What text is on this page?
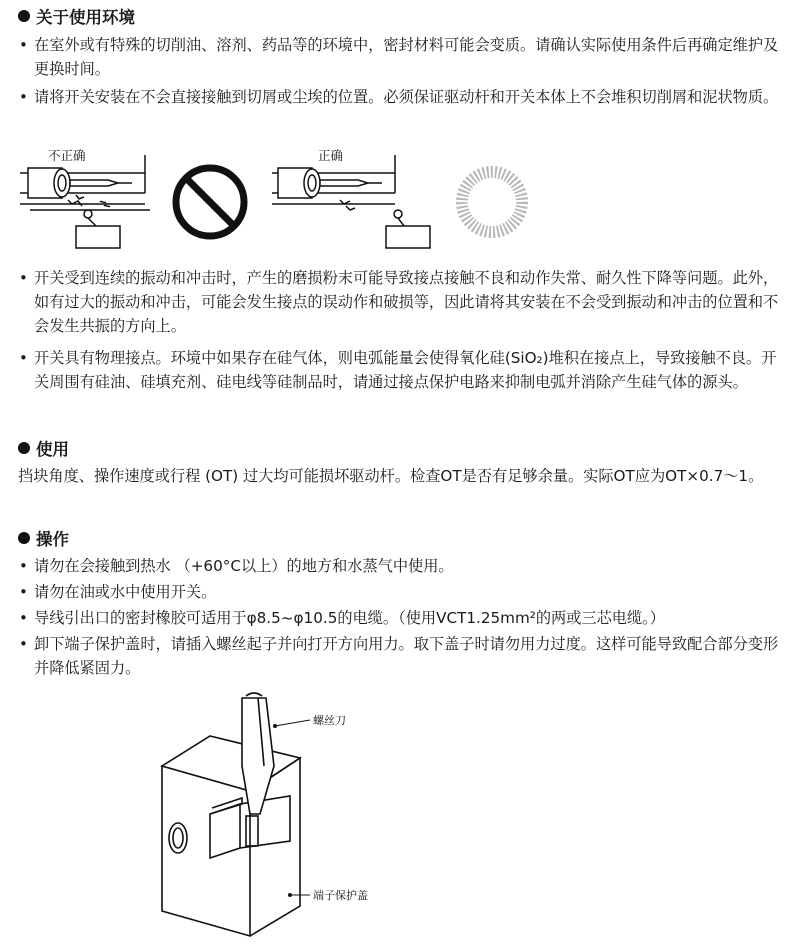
关于使用环境
• 在室外或有特殊的切削油、溶剂、药品等的环境中，密封材料可能会变质。请确认实际使用条件后再确定维护及更换时间。
• 请将开关安装在不会直接接触到切屑或尘埃的位置。必须保证驱动杆和开关本体上不会堆积切削屑和泥状物质。
不正确	正确
• 开关受到连续的振动和冲击时，产生的磨损粉末可能导致接点接触不良和动作失常、耐久性下降等问题。此外，如有过大的振动和冲击，可能会发生接点的误动作和破损等，因此请将其安装在不会受到振动和冲击的位置和不会发生共振的方向上。
• 开关具有物理接点。环境中如果存在硅气体，则电弧能量会使得氧化硅(SiO₂)堆积在接点上，导致接触不良。开关周围有硅油、硅填充剂、硅电线等硅制品时，请通过接点保护电路来抑制电弧并消除产生硅气体的源头。
使用
挡块角度、操作速度或行程 (OT) 过大均可能损坏驱动杆。检查OT是否有足够余量。实际OT应为OT×0.7～1。
操作
• 请勿在会接触到热水 （+60°C以上）的地方和水蒸气中使用。
• 请勿在油或水中使用开关。
• 导线引出口的密封橡胶可适用于φ8.5~φ10.5的电缆。（使用VCT1.25mm²的两或三芯电缆。）
• 卸下端子保护盖时，请插入螺丝起子并向打开方向用力。取下盖子时请勿用力过度。这样可能导致配合部分变形并降低紧固力。
螺丝刀
端子保护盖
